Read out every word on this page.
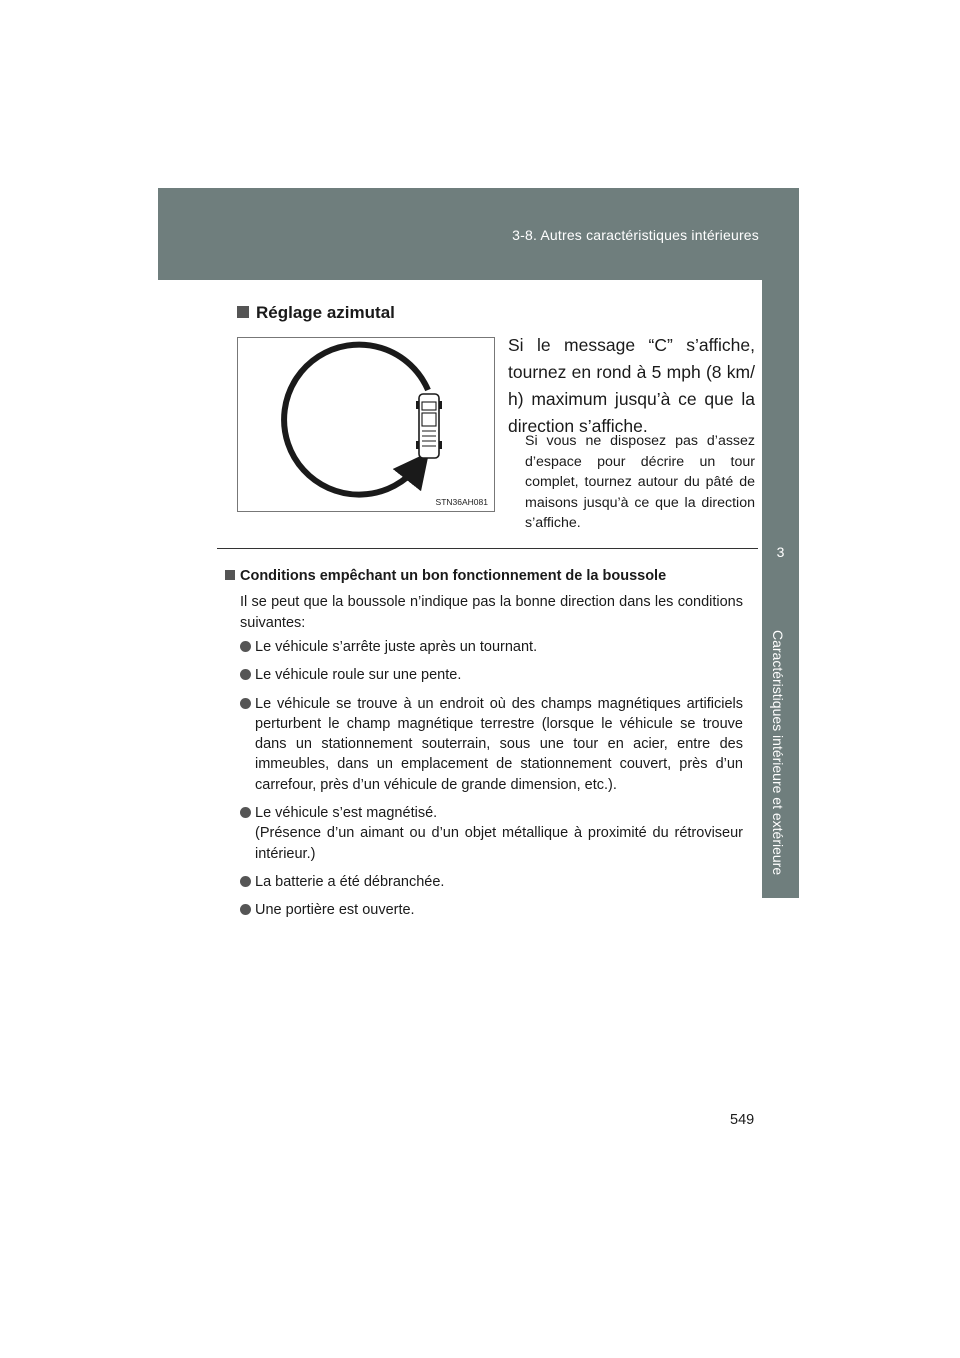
3-8. Autres caractéristiques intérieures
3
Caractéristiques intérieure et extérieure
Réglage azimutal
STN36AH081
Si le message “C” s’affiche, tournez en rond à 5 mph (8 km/ h) maximum jusqu’à ce que la direction s’affiche.
Si vous ne disposez pas d’assez d’espace pour décrire un tour complet, tournez autour du pâté de maisons jusqu’à ce que la direction s’affiche.
Conditions empêchant un bon fonctionnement de la boussole
Il se peut que la boussole n’indique pas la bonne direction dans les conditions suivantes:
Le véhicule s’arrête juste après un tournant.
Le véhicule roule sur une pente.
Le véhicule se trouve à un endroit où des champs magnétiques artificiels perturbent le champ magnétique terrestre (lorsque le véhicule se trouve dans un stationnement souterrain, sous une tour en acier, entre des immeubles, dans un emplacement de stationnement couvert, près d’un carrefour, près d’un véhicule de grande dimension, etc.).
Le véhicule s’est magnétisé.
(Présence d’un aimant ou d’un objet métallique à proximité du rétroviseur intérieur.)
La batterie a été débranchée.
Une portière est ouverte.
549
